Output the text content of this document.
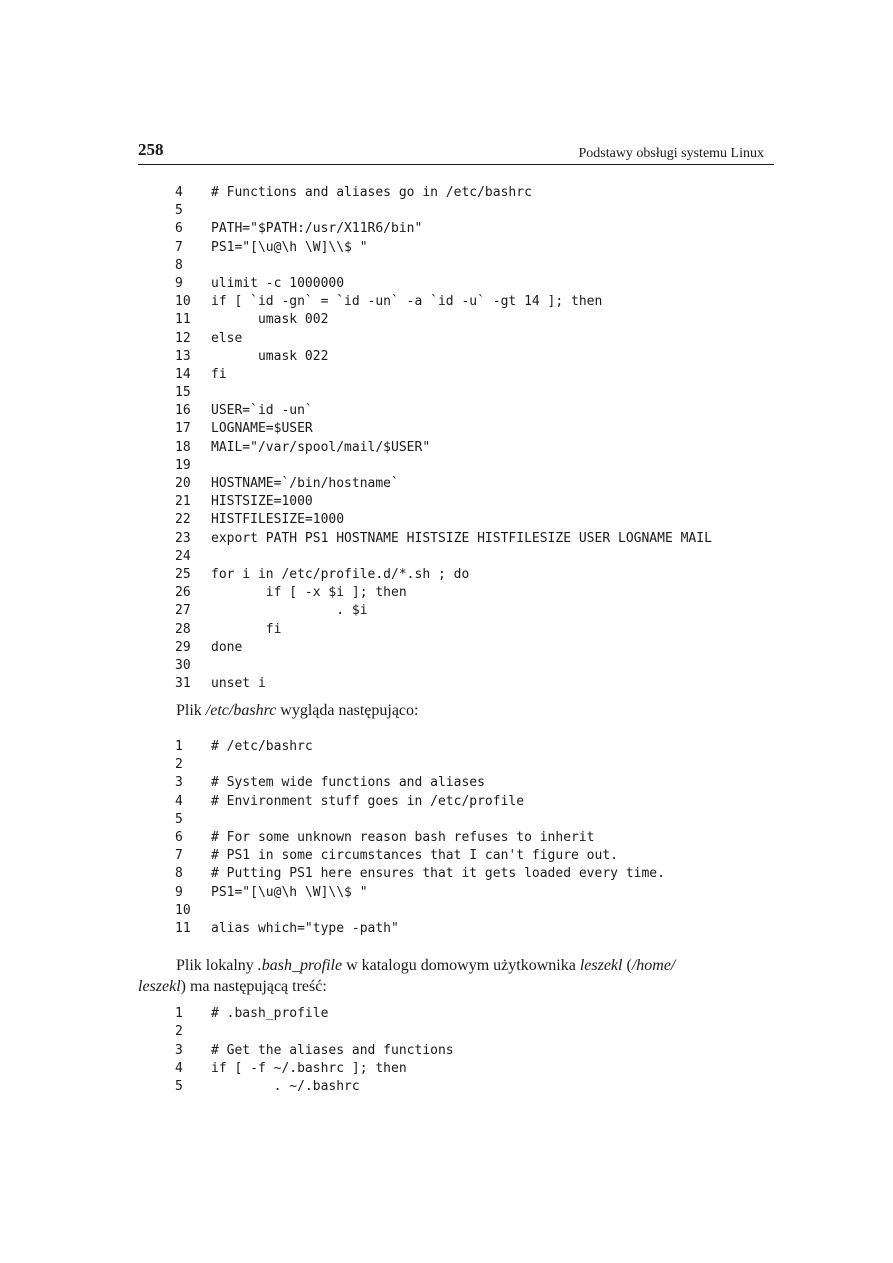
258	Podstawy obsługi systemu Linux
4 # Functions and aliases go in /etc/bashrc
5
6 PATH="$PATH:/usr/X11R6/bin"
7 PS1="[\u@\h \W]\\$ "
8
9 ulimit -c 1000000
10 if [ `id -gn` = `id -un` -a `id -u` -gt 14 ]; then
11      umask 002
12 else
13      umask 022
14 fi
15
16 USER=`id -un`
17 LOGNAME=$USER
18 MAIL="/var/spool/mail/$USER"
19
20 HOSTNAME=`/bin/hostname`
21 HISTSIZE=1000
22 HISTFILESIZE=1000
23 export PATH PS1 HOSTNAME HISTSIZE HISTFILESIZE USER LOGNAME MAIL
24
25 for i in /etc/profile.d/*.sh ; do
26       if [ -x $i ]; then
27                . $i
28       fi
29 done
30
31 unset i

Plik /etc/bashrc wygląda następująco:

1 # /etc/bashrc
2
3 # System wide functions and aliases
4 # Environment stuff goes in /etc/profile
5
6 # For some unknown reason bash refuses to inherit
7 # PS1 in some circumstances that I can't figure out.
8 # Putting PS1 here ensures that it gets loaded every time.
9 PS1="[\u@\h \W]\\$ "
10
11 alias which="type -path"
Plik lokalny .bash_profile w katalogu domowym użytkownika leszekl (/home/
leszekl) ma następującą treść:
1 # .bash_profile
2
3 # Get the aliases and functions
4 if [ -f ~/.bashrc ]; then
5        . ~/.bashrc
